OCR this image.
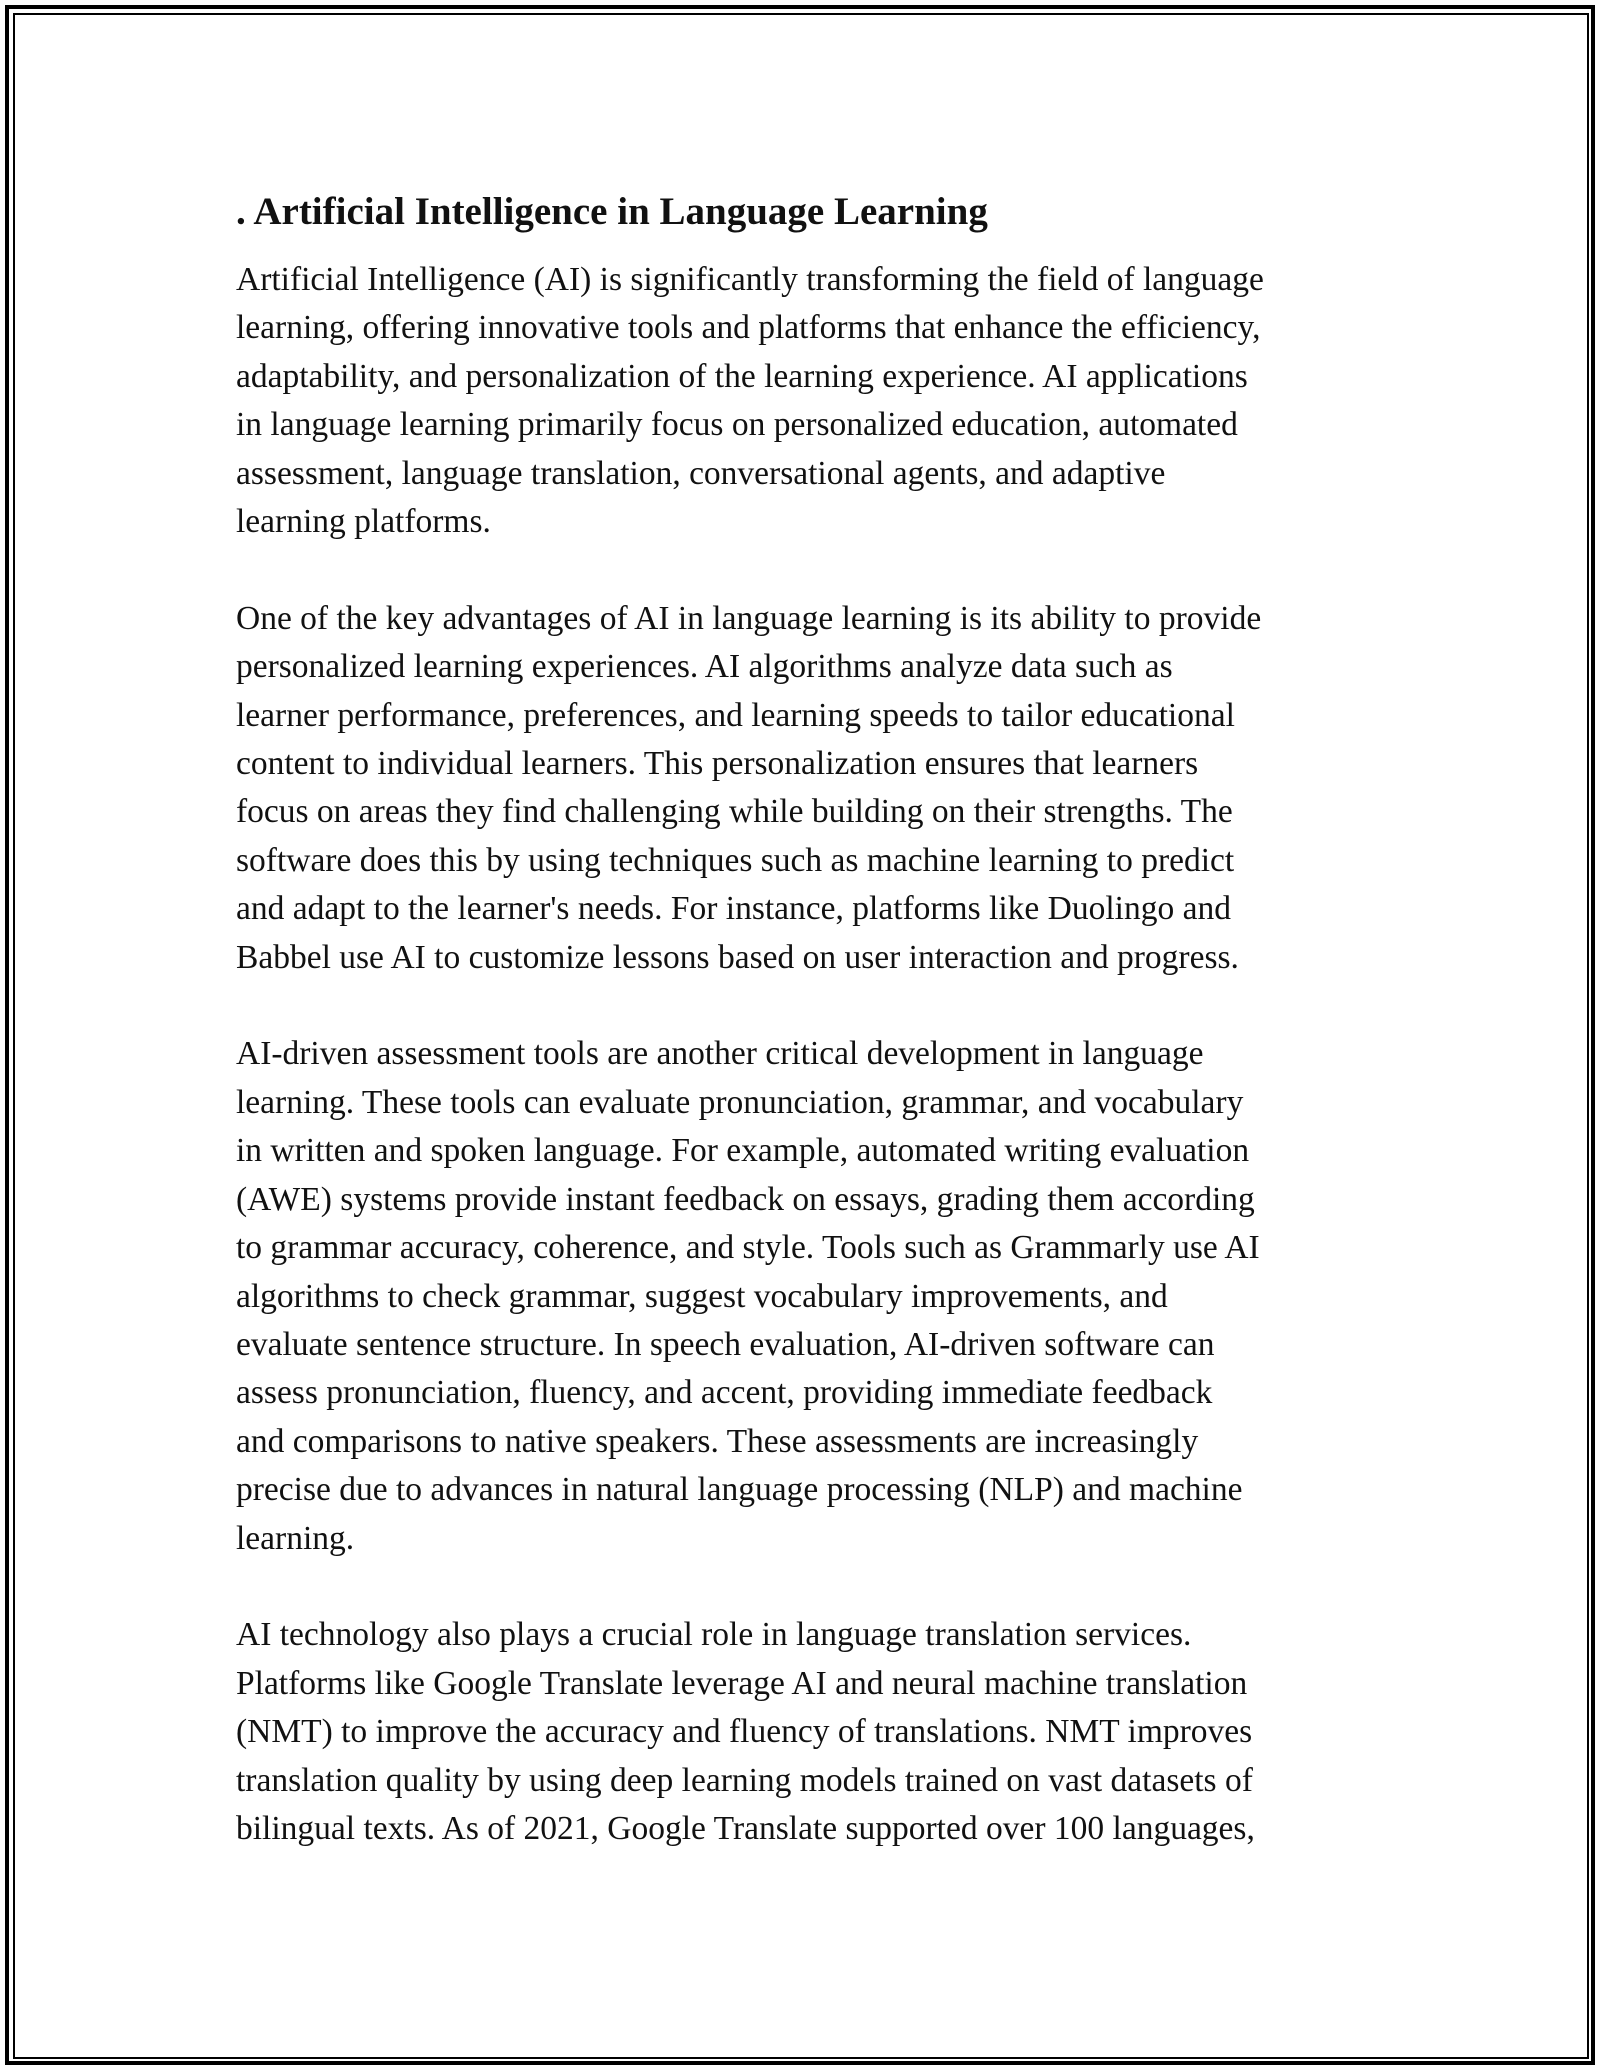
. Artificial Intelligence in Language Learning

Artificial Intelligence (AI) is significantly transforming the field of language
learning, offering innovative tools and platforms that enhance the efficiency,
adaptability, and personalization of the learning experience. AI applications
in language learning primarily focus on personalized education, automated
assessment, language translation, conversational agents, and adaptive
learning platforms.

One of the key advantages of AI in language learning is its ability to provide
personalized learning experiences. AI algorithms analyze data such as
learner performance, preferences, and learning speeds to tailor educational
content to individual learners. This personalization ensures that learners
focus on areas they find challenging while building on their strengths. The
software does this by using techniques such as machine learning to predict
and adapt to the learner's needs. For instance, platforms like Duolingo and
Babbel use AI to customize lessons based on user interaction and progress.

AI-driven assessment tools are another critical development in language
learning. These tools can evaluate pronunciation, grammar, and vocabulary
in written and spoken language. For example, automated writing evaluation
(AWE) systems provide instant feedback on essays, grading them according
to grammar accuracy, coherence, and style. Tools such as Grammarly use AI
algorithms to check grammar, suggest vocabulary improvements, and
evaluate sentence structure. In speech evaluation, AI-driven software can
assess pronunciation, fluency, and accent, providing immediate feedback
and comparisons to native speakers. These assessments are increasingly
precise due to advances in natural language processing (NLP) and machine
learning.

AI technology also plays a crucial role in language translation services.
Platforms like Google Translate leverage AI and neural machine translation
(NMT) to improve the accuracy and fluency of translations. NMT improves
translation quality by using deep learning models trained on vast datasets of
bilingual texts. As of 2021, Google Translate supported over 100 languages,
